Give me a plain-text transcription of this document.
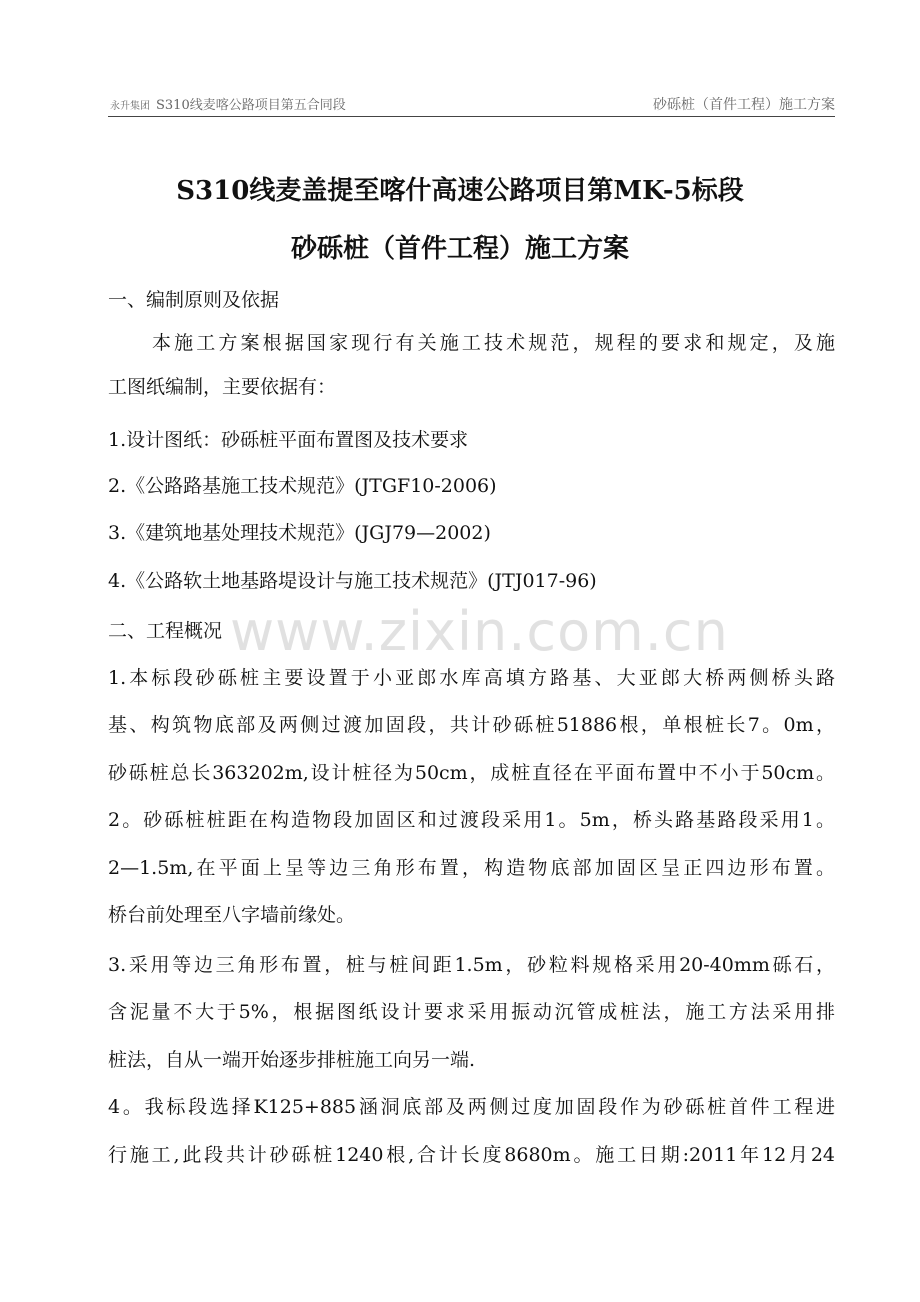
永升集团 S310线麦喀公路项目第五合同段	砂砾桩（首件工程）施工方案
S310线麦盖提至喀什高速公路项目第MK-5标段
砂砾桩（首件工程）施工方案
一、编制原则及依据
本施工方案根据国家现行有关施工技术规范，规程的要求和规定，及施
工图纸编制，主要依据有：
1.设计图纸：砂砾桩平面布置图及技术要求
2.《公路路基施工技术规范》(JTGF10-2006)
3.《建筑地基处理技术规范》(JGJ79—2002)
4.《公路软土地基路堤设计与施工技术规范》(JTJ017-96)
二、工程概况 www.zixin.com.cn
1.本标段砂砾桩主要设置于小亚郎水库高填方路基、大亚郎大桥两侧桥头路
基、构筑物底部及两侧过渡加固段，共计砂砾桩51886根，单根桩长7。0m，
砂砾桩总长363202m,设计桩径为50cm，成桩直径在平面布置中不小于50cm。
2。砂砾桩桩距在构造物段加固区和过渡段采用1。5m，桥头路基路段采用1。
2—1.5m,在平面上呈等边三角形布置，构造物底部加固区呈正四边形布置。
桥台前处理至八字墙前缘处。
3.采用等边三角形布置，桩与桩间距1.5m，砂粒料规格采用20-40mm砾石，
含泥量不大于5%，根据图纸设计要求采用振动沉管成桩法，施工方法采用排
桩法，自从一端开始逐步排桩施工向另一端.
4。我标段选择K125+885涵洞底部及两侧过度加固段作为砂砾桩首件工程进
行施工,此段共计砂砾桩1240根,合计长度8680m。施工日期:2011年12月24
